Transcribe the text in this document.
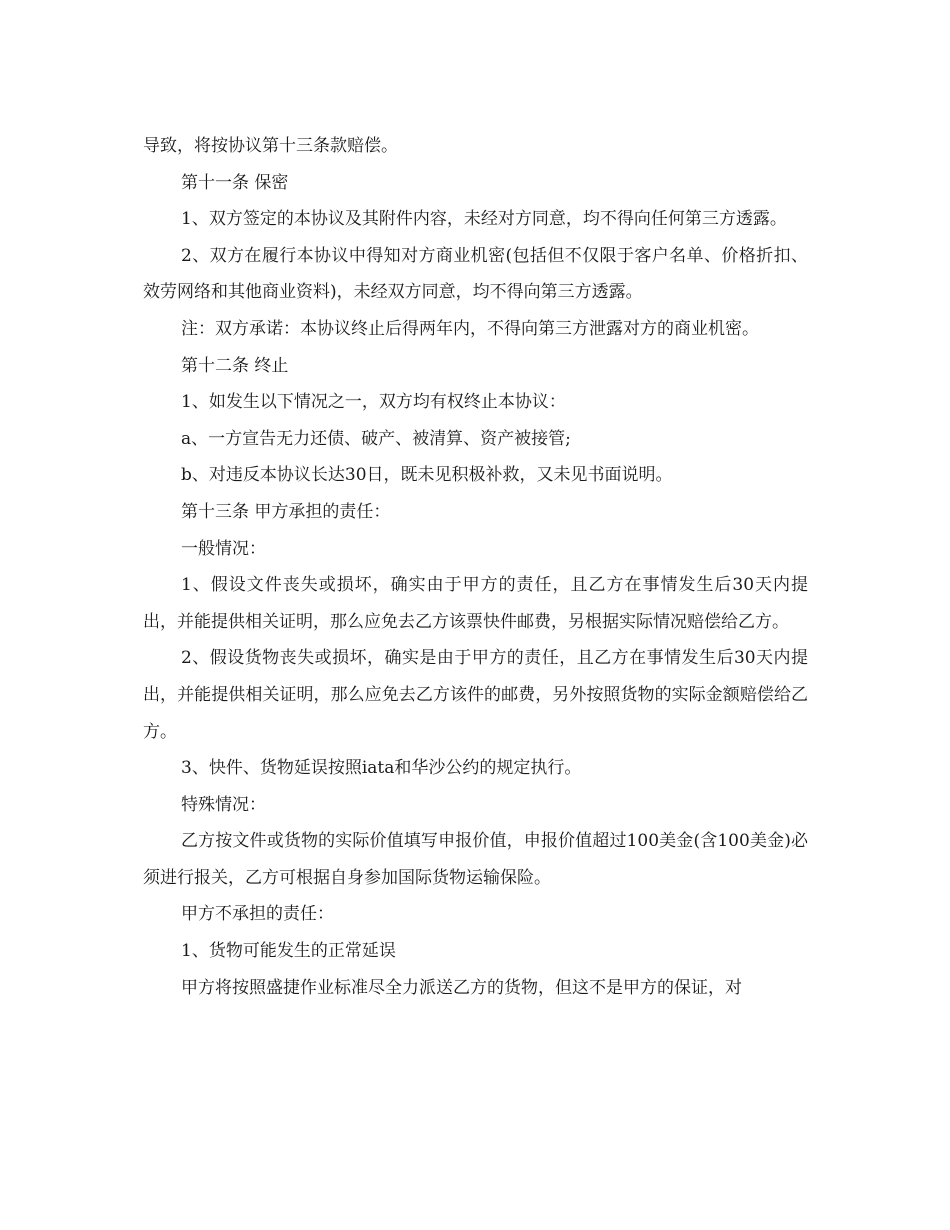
导致，将按协议第十三条款赔偿。

第十一条 保密

1、双方签定的本协议及其附件内容，未经对方同意，均不得向任何第三方透露。

2、双方在履行本协议中得知对方商业机密(包括但不仅限于客户名单、价格折扣、效劳网络和其他商业资料)，未经双方同意，均不得向第三方透露。

注：双方承诺：本协议终止后得两年内，不得向第三方泄露对方的商业机密。

第十二条 终止

1、如发生以下情况之一，双方均有权终止本协议：

a、一方宣告无力还债、破产、被清算、资产被接管;

b、对违反本协议长达30日，既未见积极补救，又未见书面说明。

第十三条 甲方承担的责任：

一般情况：

1、假设文件丧失或损坏，确实由于甲方的责任，且乙方在事情发生后30天内提出，并能提供相关证明，那么应免去乙方该票快件邮费，另根据实际情况赔偿给乙方。

2、假设货物丧失或损坏，确实是由于甲方的责任，且乙方在事情发生后30天内提出，并能提供相关证明，那么应免去乙方该件的邮费，另外按照货物的实际金额赔偿给乙方。

3、快件、货物延误按照iata和华沙公约的规定执行。

特殊情况：

乙方按文件或货物的实际价值填写申报价值，申报价值超过100美金(含100美金)必须进行报关，乙方可根据自身参加国际货物运输保险。

甲方不承担的责任：

1、货物可能发生的正常延误

甲方将按照盛捷作业标准尽全力派送乙方的货物，但这不是甲方的保证，对
